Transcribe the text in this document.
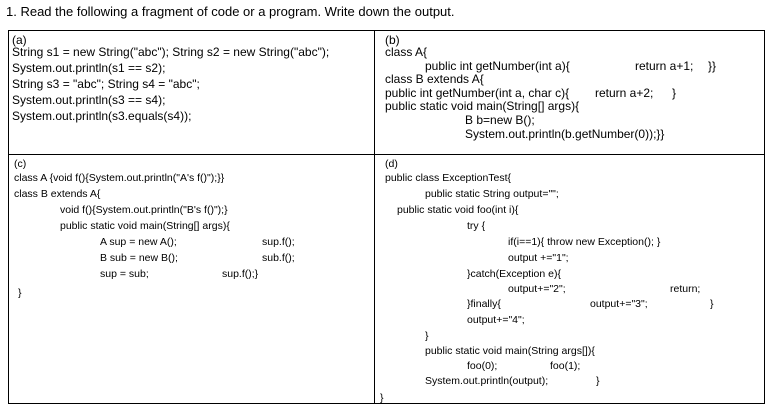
1. Read the following a fragment of code or a program. Write down the output.
(a)
String s1 = new String("abc"); String s2 = new String("abc");
System.out.println(s1 == s2);
String s3 = "abc"; String s4 = "abc";
System.out.println(s3 == s4);
System.out.println(s3.equals(s4));
(b)
class A{
public int getNumber(int a){	return a+1; }}
class B extends A{
public int getNumber(int a, char c){ return a+2; }
public static void main(String[] args){
B b=new B();
System.out.println(b.getNumber(0));}}
(c)
class A {void f(){System.out.println("A's f()");}}
class B extends A{
void f(){System.out.println("B's f()");}
public static void main(String[] args){
A sup = new A();	sup.f();
B sub = new B();	sub.f();
sup = sub;	sup.f();}
}
(d)
public class ExceptionTest{
public static String output="";
public static void foo(int i){
try {
if(i==1){ throw new Exception(); }
output +="1";
}catch(Exception e){
output+="2";	return;
}finally{	output+="3";	}
output+="4";
}
public static void main(String args[]){
foo(0);	foo(1);
System.out.println(output);	}
}
